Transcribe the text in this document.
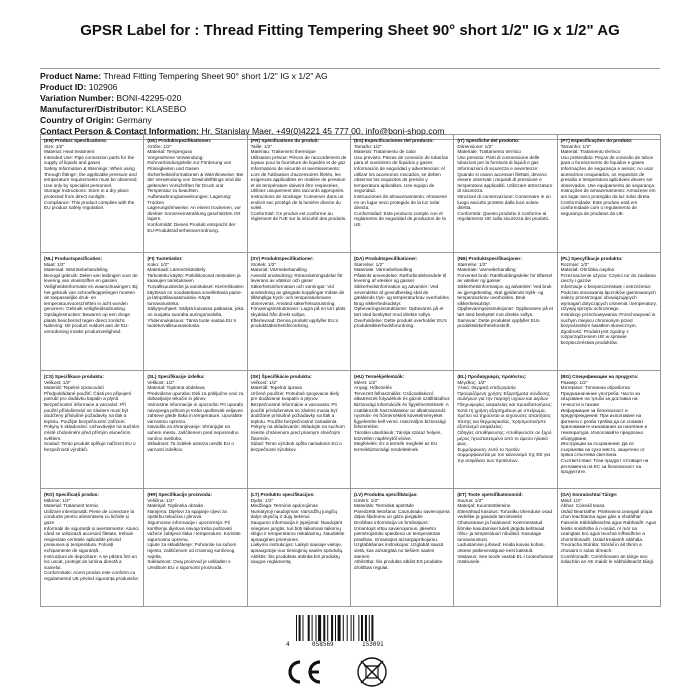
GPSR Label for : Thread Fitting Tempering Sheet 90° short 1/2" IG x 1/2" AG
Product Name: Thread Fitting Tempering Sheet 90° short 1/2" IG x 1/2" AG
Product ID: 102906
Variation Number: BONI-42295-020
Manufacturer/Distributor: KLASEBO
Country of Origin: Germany
Contact Person & Contact Information: Hr. Stanislav Maer, +49(0)4221 45 777 00, info@boni-shop.com
(EN) Product Specifications:
Size: 1/2"
Material: Heat treatment
Intended Use: Pipe connection parts for the supply of liquids and gases
Safety Information & Warnings: When using 'through fittings', the applicable pressure and temperature requirements must be observed. Use only by specialist personnel.
Storage Instructions: Store in a dry place protected from direct sunlight.
Compliance: This product complies with the EU product safety regulation.
(DE) Produktspezifikationen:
Größe: 1/2"
Material: Temperguss
Vorgesehene Verwendung: Rohrverbindungsteile zur Förderung von Flüssigkeiten und Gasen
Sicherheitsinformationen & Warnhinweise: Bei der Verwendung von Gewindefittings sind die geltenden Vorschriften für Druck und Temperatur zu beachten.
Aufbewahrungsanweisungen: Lagerung: Trocken
Lagerungshinweise: An einem trockenen, vor direkter Sonneneinstrahlung geschützten Ort lagern.
Konformität: Dieses Produkt entspricht der EU-Produktsicherheitsverordnung.
(FR) Spécifications du produit:
Taille: 1/2"
Matériau: Traitement thermique
Utilisation prévue: Pièces de raccordement de tuyaux pour la fourniture de liquides et de gaz
Informations de sécurité et avertissements: Lors de l'utilisation d'accessoires filetés, les exigences applicables en matière de pression et de température doivent être respectées. Utilisez uniquement des raccords appropriés.
Instructions de stockage: Conserver dans un endroit sec protégé de la lumière directe du soleil.
Conformité: Ce produit est conforme au règlement de l'UE sur la sécurité des produits.
(ES) Especificaciones del producto:
Tamaño: 1/2"
Material: Tratamiento de calor
Uso previsto: Piezas de conexión de tuberías para el suministro de líquidos y gases
Información de seguridad y advertencias: Al utilizar los accesorios roscados, se deben observar los requisitos de presión y temperatura aplicables. Use equipo de seguridad.
Instrucciones de almacenamiento: Almacene en un lugar seco protegido de la luz solar directa.
Conformidad: Este producto cumple con el reglamento de seguridad de productos de la UE.
(IT) Specifiche del prodotto:
Dimensione: 1/2"
Materiale: Trattamento termico
Uso previsto: Parti di connessione delle tubazioni per la fornitura di liquidi e gas
Informazioni di sicurezza e avvertenze: Quando si usano accessori filettati, devono essere osservati i requisiti di pressione e temperatura applicabili. Utilizzare attrezzature di sicurezza.
Istruzioni di conservazione: Conservare in un luogo asciutto protetto dalla luce solare diretta.
Conformità: Questo prodotto è conforme al regolamento UE sulla sicurezza dei prodotti.
(PT) Especificações do produto:
Tamanho: 1/2"
Material: Tratamento térmico
Uso pretendido: Peças de conexão de tubos para o fornecimento de líquidos e gases
Informações de segurança e avisos: Ao usar acessórios rosqueados, os requisitos de pressão e temperatura aplicáveis devem ser observados. Use equipamento de segurança.
Instruções de armazenamento: Armazene em um lugar seco protegido da luz solar direta.
Conformidade: Este produto está em conformidade com o regulamento de segurança de produtos da UE.
(NL) Productspecificaties:
Maat: 1/2"
Materiaal: Warmtebehandeling
Beoogd gebruik: Delen van leidingen voor de levering van vloeistoffen en gassen
Veiligheidsinformatie en waarschuwingen: Bij het gebruik van schroefkoppelingen moeten de toepasselijke druk- en temperatuurvoorschriften in acht worden genomen. Gebruik veiligheidsuitrusting.
Opslaginstructies: Bewaren op een droge plaats beschermd tegen direct zonlicht.
Naleving: Dit product voldoet aan de EU-verordening inzake productveiligheid.
(FI) Tuotetiedot:
Koko: 1/2"
Materiaali: Lämmönkäsittely
Tarkoitettu käyttö: Putkiliitososat nesteiden ja kaasujen toimitukseen
Turvallisuustiedot ja varoitukset: Kierreliitosten käytössä on noudatettava sovellettavia paine- ja lämpötilavaatimuksia. Käytä turvavarusteita.
Säilytysohjeet: Säilytä kuivassa paikassa, joka on suojattu suoralta auringonvalolta.
Yhdenmukaisuus: Tämä tuote vastaa EU:n tuoteturvallisuusasetusta.
(SV) Produktspecifikationer:
Storlek: 1/2"
Material: Värmebehandling
Avsedd användning: Röranslutningsdelar för leverans av vätskor och gaser
Säkerhetsinformation och varningar: Vid användning av gängade kopplingar måste de tillämpliga tryck- och temperaturkraven observeras. Använd säkerhetsutrustning.
Förvaringsinstruktioner: Lagra på en torr plats skyddad från direkt solljus.
Efterlevnad: Denna produkt uppfyller EU:s produktsäkerhetsförordning.
(DA) Produktspecifikationer:
Størrelse: 1/2"
Materiale: Varmebehandling
Påtænkt anvendelse: Rørforbindelsesdele til levering af væsker og gasser
Sikkerhedsinformation og advarsler: Ved anvendelse af gevindbeslag skal de gældende tryk- og temperaturkrav overholdes. Brug sikkerhedsudstyr.
Opbevaringsinstruktioner: Opbevares på et tørt sted beskyttet mod direkte sollys.
Overholdelse: Dette produkt overholder EU's produktsikkerhedsforordning.
(NB) Produktspesifikasjoner:
Størrelse: 1/2"
Materiale: Varmebehandling
Forventet bruk: Rørtilkoblingsdeler for tilførsel av væsker og gasser
Sikkerhetsinformasjon og advarsler: Ved bruk av gjengebeslag, skal gjeldende trykk- og temperaturkrav overholdes. Bruk sikkerhetsutstyr.
Oppbevaringsinstruksjoner: Oppbevares på et tørt sted beskyttet mot direkte sollys.
Samsvar: Dette produktet oppfyller EUs produktsikkerhetsforskrift.
(PL) Specyfikacje produktu:
Rozmiar: 1/2"
Materiał: Obróbka cieplna
Przeznaczenie użycia: Części rur do zasilania cieczy i gazów
Informacje o bezpieczeństwie i ostrzeżenia: Podczas stosowania łączników gwintowanych należy przestrzegać obowiązujących wymagań dotyczących ciśnienia i temperatury. Używaj sprzętu ochronnego.
Instrukcje przechowywania: Przechowywać w suchym miejscu chronionym przed bezpośrednim światłem słonecznym.
Zgodność: Produkt jest zgodny z rozporządzeniem UE w sprawie bezpieczeństwa produktów.
(CS) Specifikace produktu:
Velikost: 1/2"
Materiál: Tepelné zpracování
Předpokládané použití: Části pro připojení potrubí pro dodávku kapalin a plynů
Bezpečnostní informace a varování: Při použití příslušenství se závitem musí být dodrženy příslušné požadavky na tlak a teplotu. Použijte bezpečnostní zařízení.
Pokyny k skladování: Uchovávejte na suchém místě chráněném před přímým slunečním světlem.
Soulad: Tento produkt splňuje nařízení EU o bezpečnosti výrobků.
(SL) Specifikacije izdelka:
Velikost: 1/2"
Material: Toplotna obdelava
Predvidena uporaba: Deli za priključne cevi za dobavljanje tekočin in plinov
Varnostne informacije in opozorila: Pri uporabi navojnega pribora je treba upoštevati veljavne zahteve glede tlaka in temperature. Uporabite varnostno opremo.
Navodila za shranjevanje: Shranjujte na suhem mestu, zaščitenem pred neposredno sončno svetlobo.
Skladnost: Ta izdelek ustreza uredbi EU o varnosti izdelkov.
(SK) Špecifikácie produktu:
Veľkosť: 1/2"
Materiál: Tepelná úprava
Určené použitie: Potrubné spojovacie diely pre dodávanie kvapalín a plynov
Bezpečnostné informácie a varovania: Pri použití príslušenstva so závitmi musia byť dodržané príslušné požiadavky na tlak a teplotu. Použite bezpečnostné zariadenia.
Pokyny na skladovanie: Skladujte na suchom mieste chránenom pred priamym slnečným žiarením.
Súlad: Tento výrobok spĺňa nariadenie EÚ o bezpečnosti výrobkov.
(HU) Termékjellemzők:
Méret: 1/2"
Anyag: Hőkezelés
Tervezett felhasználás: Csőcsatlakozó alkatrészek folyadékok és gázok szállításához
Biztonsági információk és figyelmeztetések: A csatlakozók használatakor az alkalmazandó nyomás- és hőmérsékleti követelményeket figyelembe kell venni. Használjon biztonsági felszerelést.
Tárolási utasítások: Tárolja száraz helyen, közvetlen napfénytől védve.
Megfelelés: Ez a termék megfelel az EU termékbiztonsági rendeletének.
(EL) Προδιαγραφές προϊόντος:
Μέγεθος: 1/2"
Υλικό: Θερμική επεξεργασία
Προοριζόμενη χρήση: Εξαρτήματα σύνδεσης σωλήνων για την παροχή υγρών και αερίων
Πληροφορίες ασφαλείας και προειδοποιήσεις: Κατά τη χρήση εξαρτημάτων με σπείρωμα, πρέπει να τηρούνται οι ισχύουσες απαιτήσεις πίεσης και θερμοκρασίας. Χρησιμοποιήστε εξοπλισμό ασφαλείας.
Οδηγίες αποθήκευσης: Αποθηκεύστε σε ξηρό μέρος προστατευμένο από το άμεσο ηλιακό φως.
Συμμόρφωση: Αυτό το προϊόν συμμορφώνεται με τον κανονισμό της ΕΕ για την ασφάλεια των προϊόντων.
(BG) Спецификации на продукта:
Размер: 1/2"
Материал: Топлинна обработка
Предназначение употреба: Части за свързване на тръби за доставка на течности и газове
Информация за безопасност и предупреждения: При използване на фитинги с резба трябва да се спазват приложимите изисквания за налягане и температура. Използвайте предпазно оборудване.
Инструкции за съхранение: Да се съхранява на сухо място, защитено от пряка слънчева светлина.
Съответствие: Този продукт отговаря на регламента на ЕС за безопасност на продуктите.
(RO) Specificații produs:
Mărime: 1/2"
Material: Tratament termic
Utilizare intenționată: Piese de conectare la conducte pentru alimentarea cu lichide și gaze
Informații de siguranță și avertismente: Atunci când se utilizează accesorii filetate, trebuie respectate cerințele aplicabile privind presiunea și temperatura. Folosiți echipamente de siguranță.
Instrucțiuni de depozitare: A se păstra într-un loc uscat, protejat de lumina directă a soarelui.
Conformitate: Acest produs este conform cu regulamentul UE privind siguranța produselor.
(HR) Specifikacije proizvoda:
Veličina: 1/2"
Materijal: Toplinska obrada
Namjena: Dijelovi za spajanje cijevi za opskrbu tekućina i plinova
Sigurnosne informacije i upozorenja: Pri korištenju dijelova navoja treba poštovati važeće zahtjeve tlaka i temperature. Koristite sigurnosnu opremu.
Upute za skladištenje: Pohranite na suhom mjestu, zaštićenom od izravnog sunčevog svjetla.
Sukladnost: Ovaj proizvod je usklađen s Uredbom EU o sigurnosti proizvoda.
(LT) Produkto specifikacijos:
Dydis: 1/2"
Medžiaga: Terminis apdorojimas
Numatytoji naudojimas: Vamzdžių jungčių dalys skysčių ir dujų tiekimui
Saugumo informacija ir įspėjimai: Naudojant sriegines jungtis, turi būti laikomasi taikomų slėgio ir temperatūros reikalavimų. Naudokite apsaugines priemones.
Laikymo instrukcijos: Laikyti sausoje vietoje, apsaugotoje nuo tiesioginių saulės spindulių.
Atitiktis: Šis produktas atitinka ES produktų saugos reglamentą.
(LV) Produkta specifikācijas:
Izmērs: 1/2"
Materiāls: Termiskā apstrāde
Paredzētā lietošana: Cauruļvadu savienojuma daļas šķidrumu un gāzu piegādei
Drošības informācija un brīdinājumi: Izmantojot vītņu savienojumus, jāievēro piemērojamās spiediena un temperatūras prasības. Izmantojiet aizsargaprīkojumu.
Uzglabāšanas instrukcijas: Uzglabāt sausā vietā, kas aizsargāta no tiešiem saules stariem.
Atbilstība: Šis produkts atbilst ES produktu drošības regulai.
(ET) Toote spetsifikatsioonid:
Suurus: 1/2"
Materjal: Kuumtöötlemine
Ettenähtud kasutus: Torustiku ühenduse osad vedelike ja gaaside tarnimiseks
Ohutusteave ja hoiatused: Keermestatud liitmike kasutamisel tuleb järgida kehtivaid rõhu- ja temperatuuri nõudeid. Kasutage turvavarustust.
Ladustamise juhised: Hoida kuivas kohas, otsese päikesevalguse eest kaitstult.
Vastavus: See toode vastab EL-i tooteohutuse määrusele.
(GA) Sonraíochtaí Táirge:
Méid: 1/2"
Ábhar: Cóireáil teasa
Úsáid Beartaithe: Páirteanna ceangail píopa chun leachtanna agus gáis a sholáthar
Faisnéis Sábháilteachta agus Rabhaidh: Agus feistis snáithithe á n-úsáid, ní mór na ceanglais brú agus teochta infheidhme a chomhlíonadh. Úsáid trealamh sábhála.
Treoracha Stórála: Stóráil in áit thirim a chosaint ó solas díreach.
Comhlíonadh: Comhlíonann an táirge seo rialachán an AE maidir le sábháilteacht táirgí.
4	058569	153091
